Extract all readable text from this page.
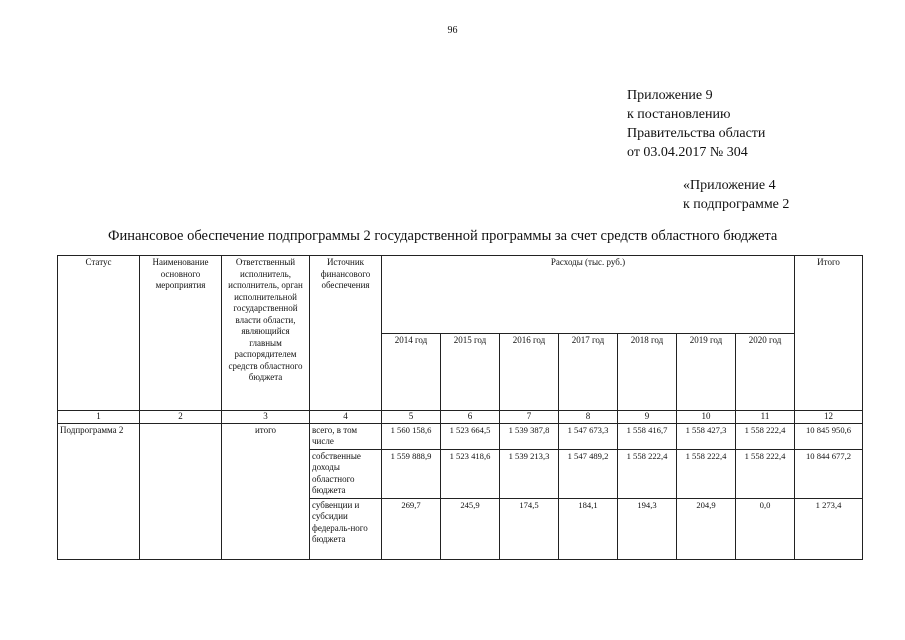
96
Приложение 9
к постановлению
Правительства области
от 03.04.2017 № 304
«Приложение 4
к подпрограмме 2
Финансовое обеспечение подпрограммы 2 государственной программы за счет средств областного бюджета
Статус	Наименование основного мероприятия	Ответственный исполнитель, исполнитель, орган исполнительной государственной власти области, являющийся главным распорядителем средств областного бюджета	Источник финансового обеспечения	Расходы (тыс. руб.)							Итого
				2014 год	2015 год	2016 год	2017 год	2018 год	2019 год	2020 год	
1	2	3	4	5	6	7	8	9	10	11	12
Подпрограмма 2		итого	всего, в том числе	1 560 158,6	1 523 664,5	1 539 387,8	1 547 673,3	1 558 416,7	1 558 427,3	1 558 222,4	10 845 950,6
			собственные доходы областного бюджета	1 559 888,9	1 523 418,6	1 539 213,3	1 547 489,2	1 558 222,4	1 558 222,4	1 558 222,4	10 844 677,2
			субвенции и субсидии федераль-ного бюджета	269,7	245,9	174,5	184,1	194,3	204,9	0,0	1 273,4
